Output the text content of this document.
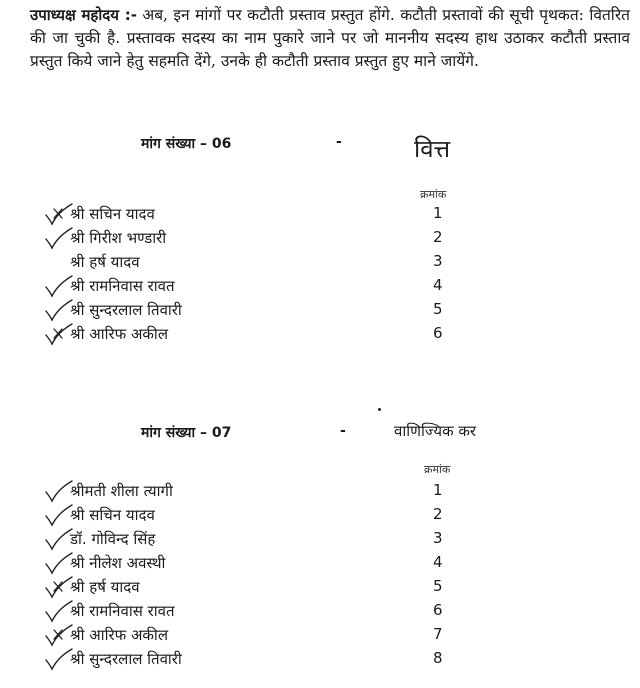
उपाध्यक्ष महोदय :- अब, इन मांगों पर कटौती प्रस्ताव प्रस्तुत होंगे. कटौती प्रस्तावों की सूची पृथकत: वितरित की जा चुकी है. प्रस्तावक सदस्य का नाम पुकारे जाने पर जो माननीय सदस्य हाथ उठाकर कटौती प्रस्ताव प्रस्तुत किये जाने हेतु सहमति देंगे, उनके ही कटौती प्रस्ताव प्रस्तुत हुए माने जायेंगे.
मांग संख्या – 06	-	वित्त
क्रमांक
श्री सचिन यादव	1
श्री गिरीश भण्डारी	2
श्री हर्ष यादव	3
श्री रामनिवास रावत	4
श्री सुन्दरलाल तिवारी	5
श्री आरिफ अकील	6
मांग संख्या – 07	-	वाणिज्यिक कर
क्रमांक
श्रीमती शीला त्यागी	1
श्री सचिन यादव	2
डॉ. गोविन्द सिंह	3
श्री नीलेश अवस्थी	4
श्री हर्ष यादव	5
श्री रामनिवास रावत	6
श्री आरिफ अकील	7
श्री सुन्दरलाल तिवारी	8
